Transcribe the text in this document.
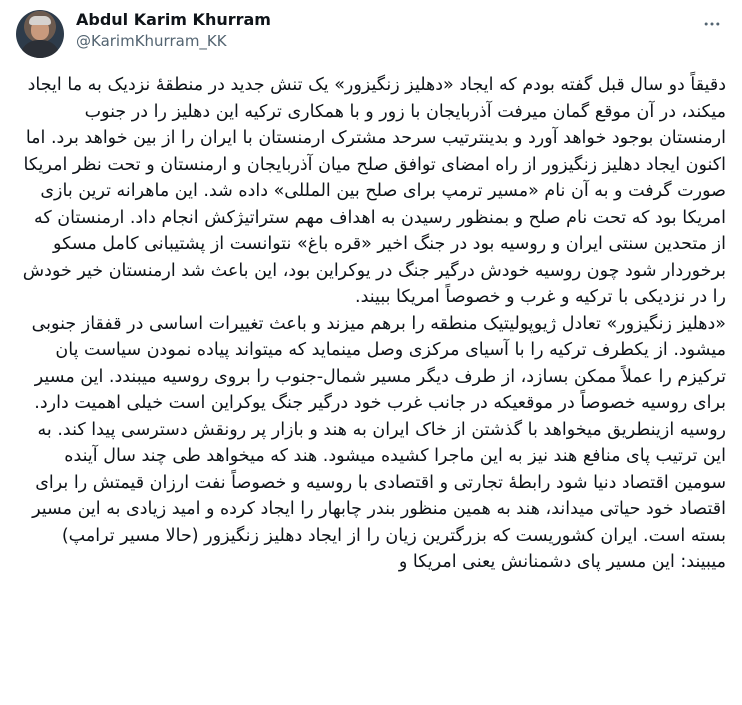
Abdul Karim Khurram
@KarimKhurram_KK

دقیقاً دو سال قبل گفته بودم که ایجاد «دهلیز زنگیزور» یک تنش جدید در منطقهٔ نزدیک به ما ایجاد میکند، در آن موقع گمان میرفت آذربایجان با زور و با همکاری ترکیه این دهلیز را در جنوب ارمنستان بوجود خواهد آورد و بدینترتیب سرحد مشترک ارمنستان با ایران را از بین خواهد برد. اما اکنون ایجاد دهلیز زنگیزور از راه امضای توافق صلح میان آذربایجان و ارمنستان و تحت نظر امریکا صورت گرفت و به آن نام «مسیر ترمپ برای صلح بین المللی» داده شد. این ماهرانه ترین بازی امریکا بود که تحت نام صلح و بمنظور رسیدن به اهداف مهم ستراتیژکش انجام داد. ارمنستان که از متحدین سنتی ایران و روسیه بود در جنگ اخیر «قره باغ» نتوانست از پشتیبانی کامل مسکو برخوردار شود چون روسیه خودش درگیر جنگ در یوکراین بود، این باعث شد ارمنستان خیر خودش را در نزدیکی با ترکیه و غرب و خصوصاً امریکا ببیند.

«دهلیز زنگیزور» تعادل ژیوپولیتیک منطقه را برهم میزند و باعث تغییرات اساسی در قفقاز جنوبی میشود. از یکطرف ترکیه را با آسیای مرکزی وصل مینماید که میتواند پیاده نمودن سیاست پان ترکیزم را عملاً ممکن بسازد، از طرف دیگر مسیر شمال-جنوب را بروی روسیه میبندد. این مسیر برای روسیه خصوصاً در موقعیکه در جانب غرب خود درگیر جنگ یوکراین است خیلی اهمیت دارد. روسیه ازینطریق میخواهد با گذشتن از خاک ایران به هند و بازار پر رونقش دسترسی پیدا کند. به این ترتیب پای منافع هند نیز به این ماجرا کشیده میشود. هند که میخواهد طی چند سال آینده سومین اقتصاد دنیا شود رابطهٔ تجارتی و اقتصادی با روسیه و خصوصاً نفت ارزان قیمتش را برای اقتصاد خود حیاتی میداند، هند به همین منظور بندر چابهار را ایجاد کرده و امید زیادی به این مسیر بسته است. ایران کشوریست که بزرگترین زیان را از ایجاد دهلیز زنگیزور (حالا مسیر ترامپ) میبیند: این مسیر پای دشمنانش یعنی امریکا و
